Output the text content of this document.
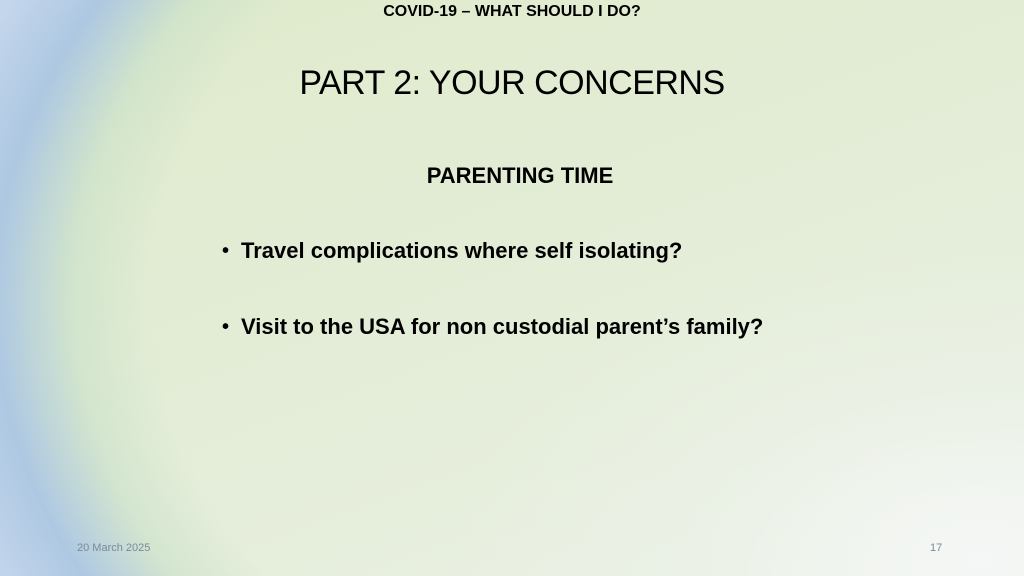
COVID-19 – WHAT SHOULD I DO?
PART 2: YOUR CONCERNS
PARENTING TIME
• Travel complications where self isolating?
• Visit to the USA for non custodial parent’s family?
20 March 2025	17
